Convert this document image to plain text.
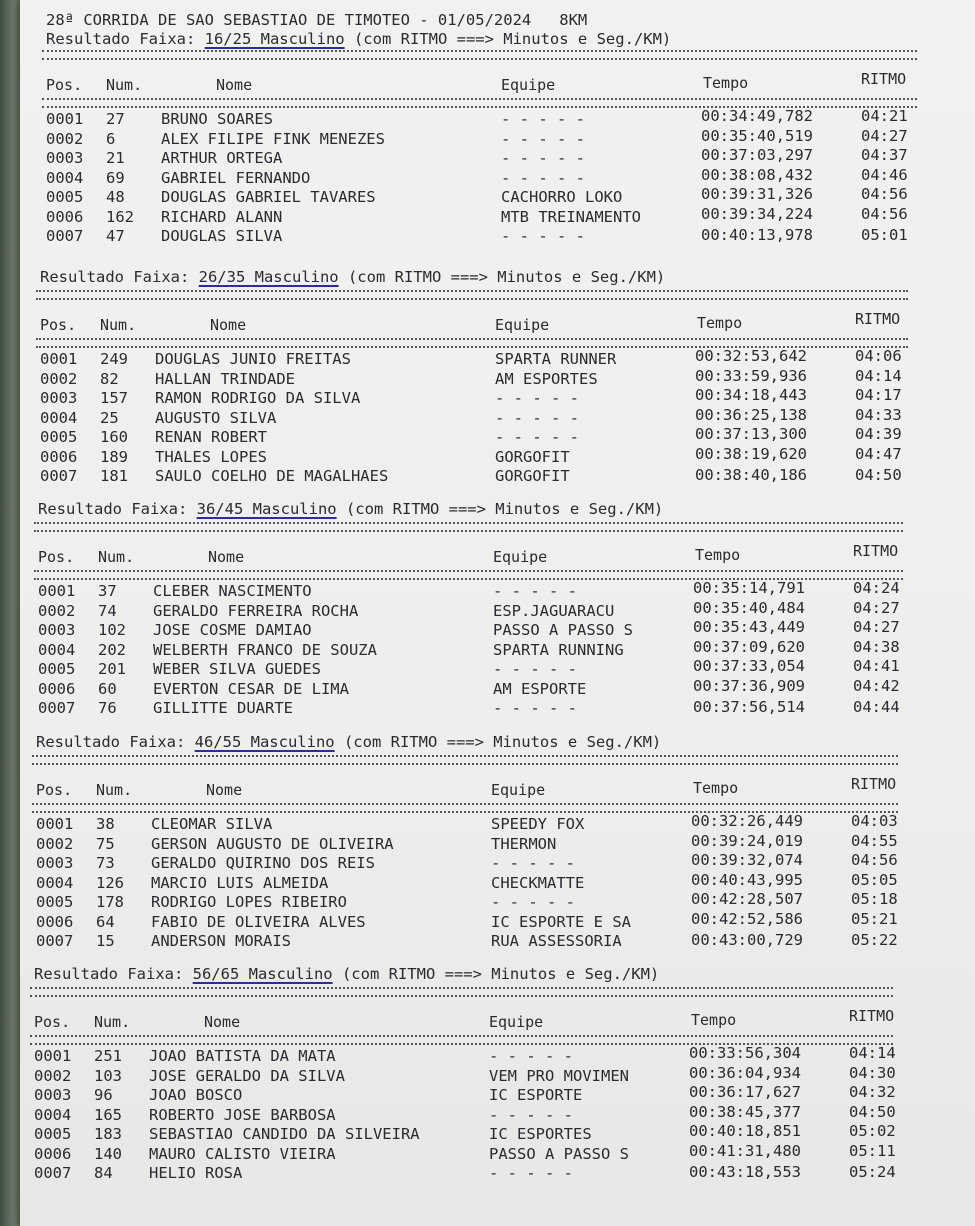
28ª CORRIDA DE SAO SEBASTIAO DE TIMOTEO - 01/05/2024   8KM
Resultado Faixa: 16/25 Masculino (com RITMO ===> Minutos e Seg./KM)
Pos. Num.	Nome	Equipe	Tempo	RITMO
0001 27 BRUNO SOARES	- - - - -	00:34:49,782	04:21
0002 6	ALEX FILIPE FINK MENEZES	- - - - -	00:35:40,519	04:27
0003 21 ARTHUR ORTEGA	- - - - -	00:37:03,297	04:37
0004 69 GABRIEL FERNANDO	- - - - -	00:38:08,432	04:46
0005 48 DOUGLAS GABRIEL TAVARES	CACHORRO LOKO	00:39:31,326	04:56
0006 162 RICHARD ALANN	MTB TREINAMENTO	00:39:34,224	04:56
0007 47 DOUGLAS SILVA	- - - - -	00:40:13,978	05:01
Resultado Faixa: 26/35 Masculino (com RITMO ===> Minutos e Seg./KM)
Pos. Num.	Nome	Equipe	Tempo	RITMO
0001 249 DOUGLAS JUNIO FREITAS	SPARTA RUNNER	00:32:53,642	04:06
0002 82 HALLAN TRINDADE	AM ESPORTES	00:33:59,936	04:14
0003 157 RAMON RODRIGO DA SILVA	- - - - -	00:34:18,443	04:17
0004 25 AUGUSTO SILVA	- - - - -	00:36:25,138	04:33
0005 160 RENAN ROBERT	- - - - -	00:37:13,300	04:39
0006 189 THALES LOPES	GORGOFIT	00:38:19,620	04:47
0007 181 SAULO COELHO DE MAGALHAES	GORGOFIT	00:38:40,186	04:50
Resultado Faixa: 36/45 Masculino (com RITMO ===> Minutos e Seg./KM)
Pos. Num.	Nome	Equipe	Tempo	RITMO
0001 37 CLEBER NASCIMENTO	- - - - -	00:35:14,791	04:24
0002 74 GERALDO FERREIRA ROCHA	ESP.JAGUARACU	00:35:40,484	04:27
0003 102 JOSE COSME DAMIAO	PASSO A PASSO S	00:35:43,449	04:27
0004 202 WELBERTH FRANCO DE SOUZA	SPARTA RUNNING	00:37:09,620	04:38
0005 201 WEBER SILVA GUEDES	- - - - -	00:37:33,054	04:41
0006 60 EVERTON CESAR DE LIMA	AM ESPORTE	00:37:36,909	04:42
0007 76 GILLITTE DUARTE	- - - - -	00:37:56,514	04:44
Resultado Faixa: 46/55 Masculino (com RITMO ===> Minutos e Seg./KM)
Pos. Num.	Nome	Equipe	Tempo	RITMO
0001 38 CLEOMAR SILVA	SPEEDY FOX	00:32:26,449	04:03
0002 75 GERSON AUGUSTO DE OLIVEIRA	THERMON	00:39:24,019	04:55
0003 73 GERALDO QUIRINO DOS REIS	- - - - -	00:39:32,074	04:56
0004 126 MARCIO LUIS ALMEIDA	CHECKMATTE	00:40:43,995	05:05
0005 178 RODRIGO LOPES RIBEIRO	- - - - -	00:42:28,507	05:18
0006 64 FABIO DE OLIVEIRA ALVES	IC ESPORTE E SA	00:42:52,586	05:21
0007 15 ANDERSON MORAIS	RUA ASSESSORIA	00:43:00,729	05:22
Resultado Faixa: 56/65 Masculino (com RITMO ===> Minutos e Seg./KM)
Pos. Num.	Nome	Equipe	Tempo	RITMO
0001 251 JOAO BATISTA DA MATA	- - - - -	00:33:56,304	04:14
0002 103 JOSE GERALDO DA SILVA	VEM PRO MOVIMEN	00:36:04,934	04:30
0003 96 JOAO BOSCO	IC ESPORTE	00:36:17,627	04:32
0004 165 ROBERTO JOSE BARBOSA	- - - - -	00:38:45,377	04:50
0005 183 SEBASTIAO CANDIDO DA SILVEIRA	IC ESPORTES	00:40:18,851	05:02
0006 140 MAURO CALISTO VIEIRA	PASSO A PASSO S	00:41:31,480	05:11
0007 84 HELIO ROSA	- - - - -	00:43:18,553	05:24
